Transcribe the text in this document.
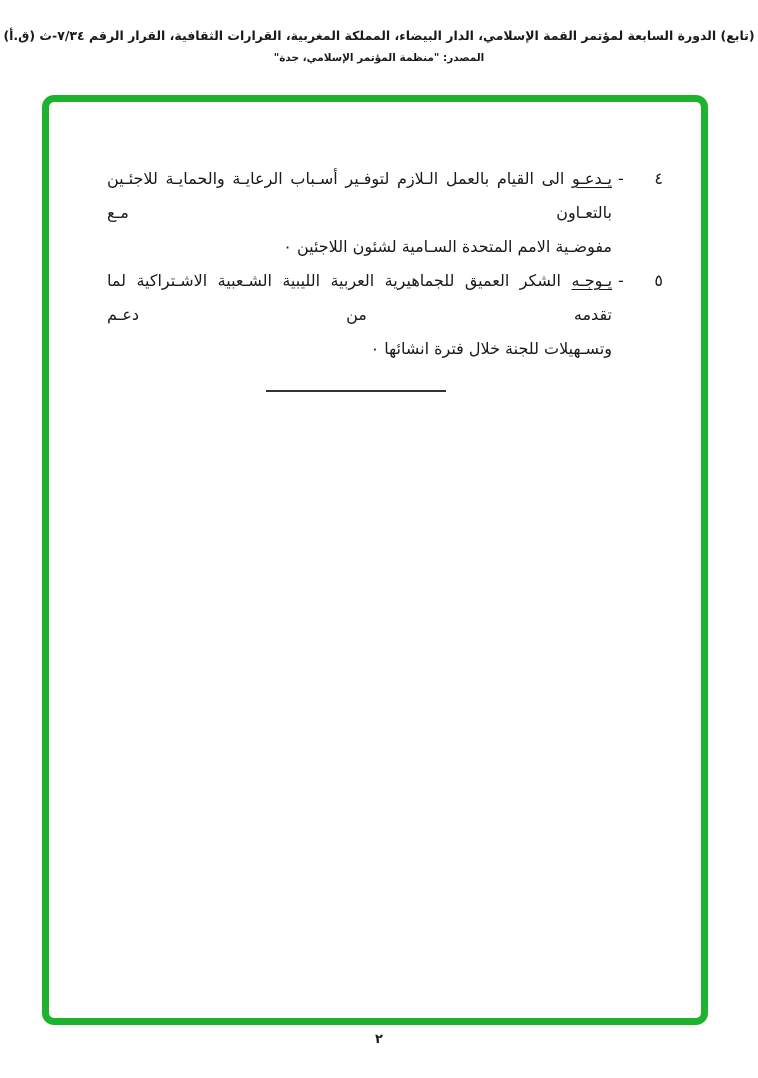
(تابع) الدورة السابعة لمؤتمر القمة الإسلامي، الدار البيضاء، المملكة المغربية، القرارات الثقافية، القرار الرقم ٧/٣٤-ث (ق.أ)
المصدر: "منظمة المؤتمر الإسلامي، جدة"
٤
-
يـدعـو الى القيام بالعمل الـلازم لتوفـير أسـباب الرعايـة والحمايـة للاجئـين بالتعـاون مـع
مفوضـية الامم المتحدة السـامية لشئون اللاجئين ٠
٥
-
يـوجـه الشكر العميق للجماهيرية العربية الليبية الشـعبية الاشـتراكية لما تقدمه من دعـم
وتسـهيلات للجنة خلال فترة انشائها ٠
٢
